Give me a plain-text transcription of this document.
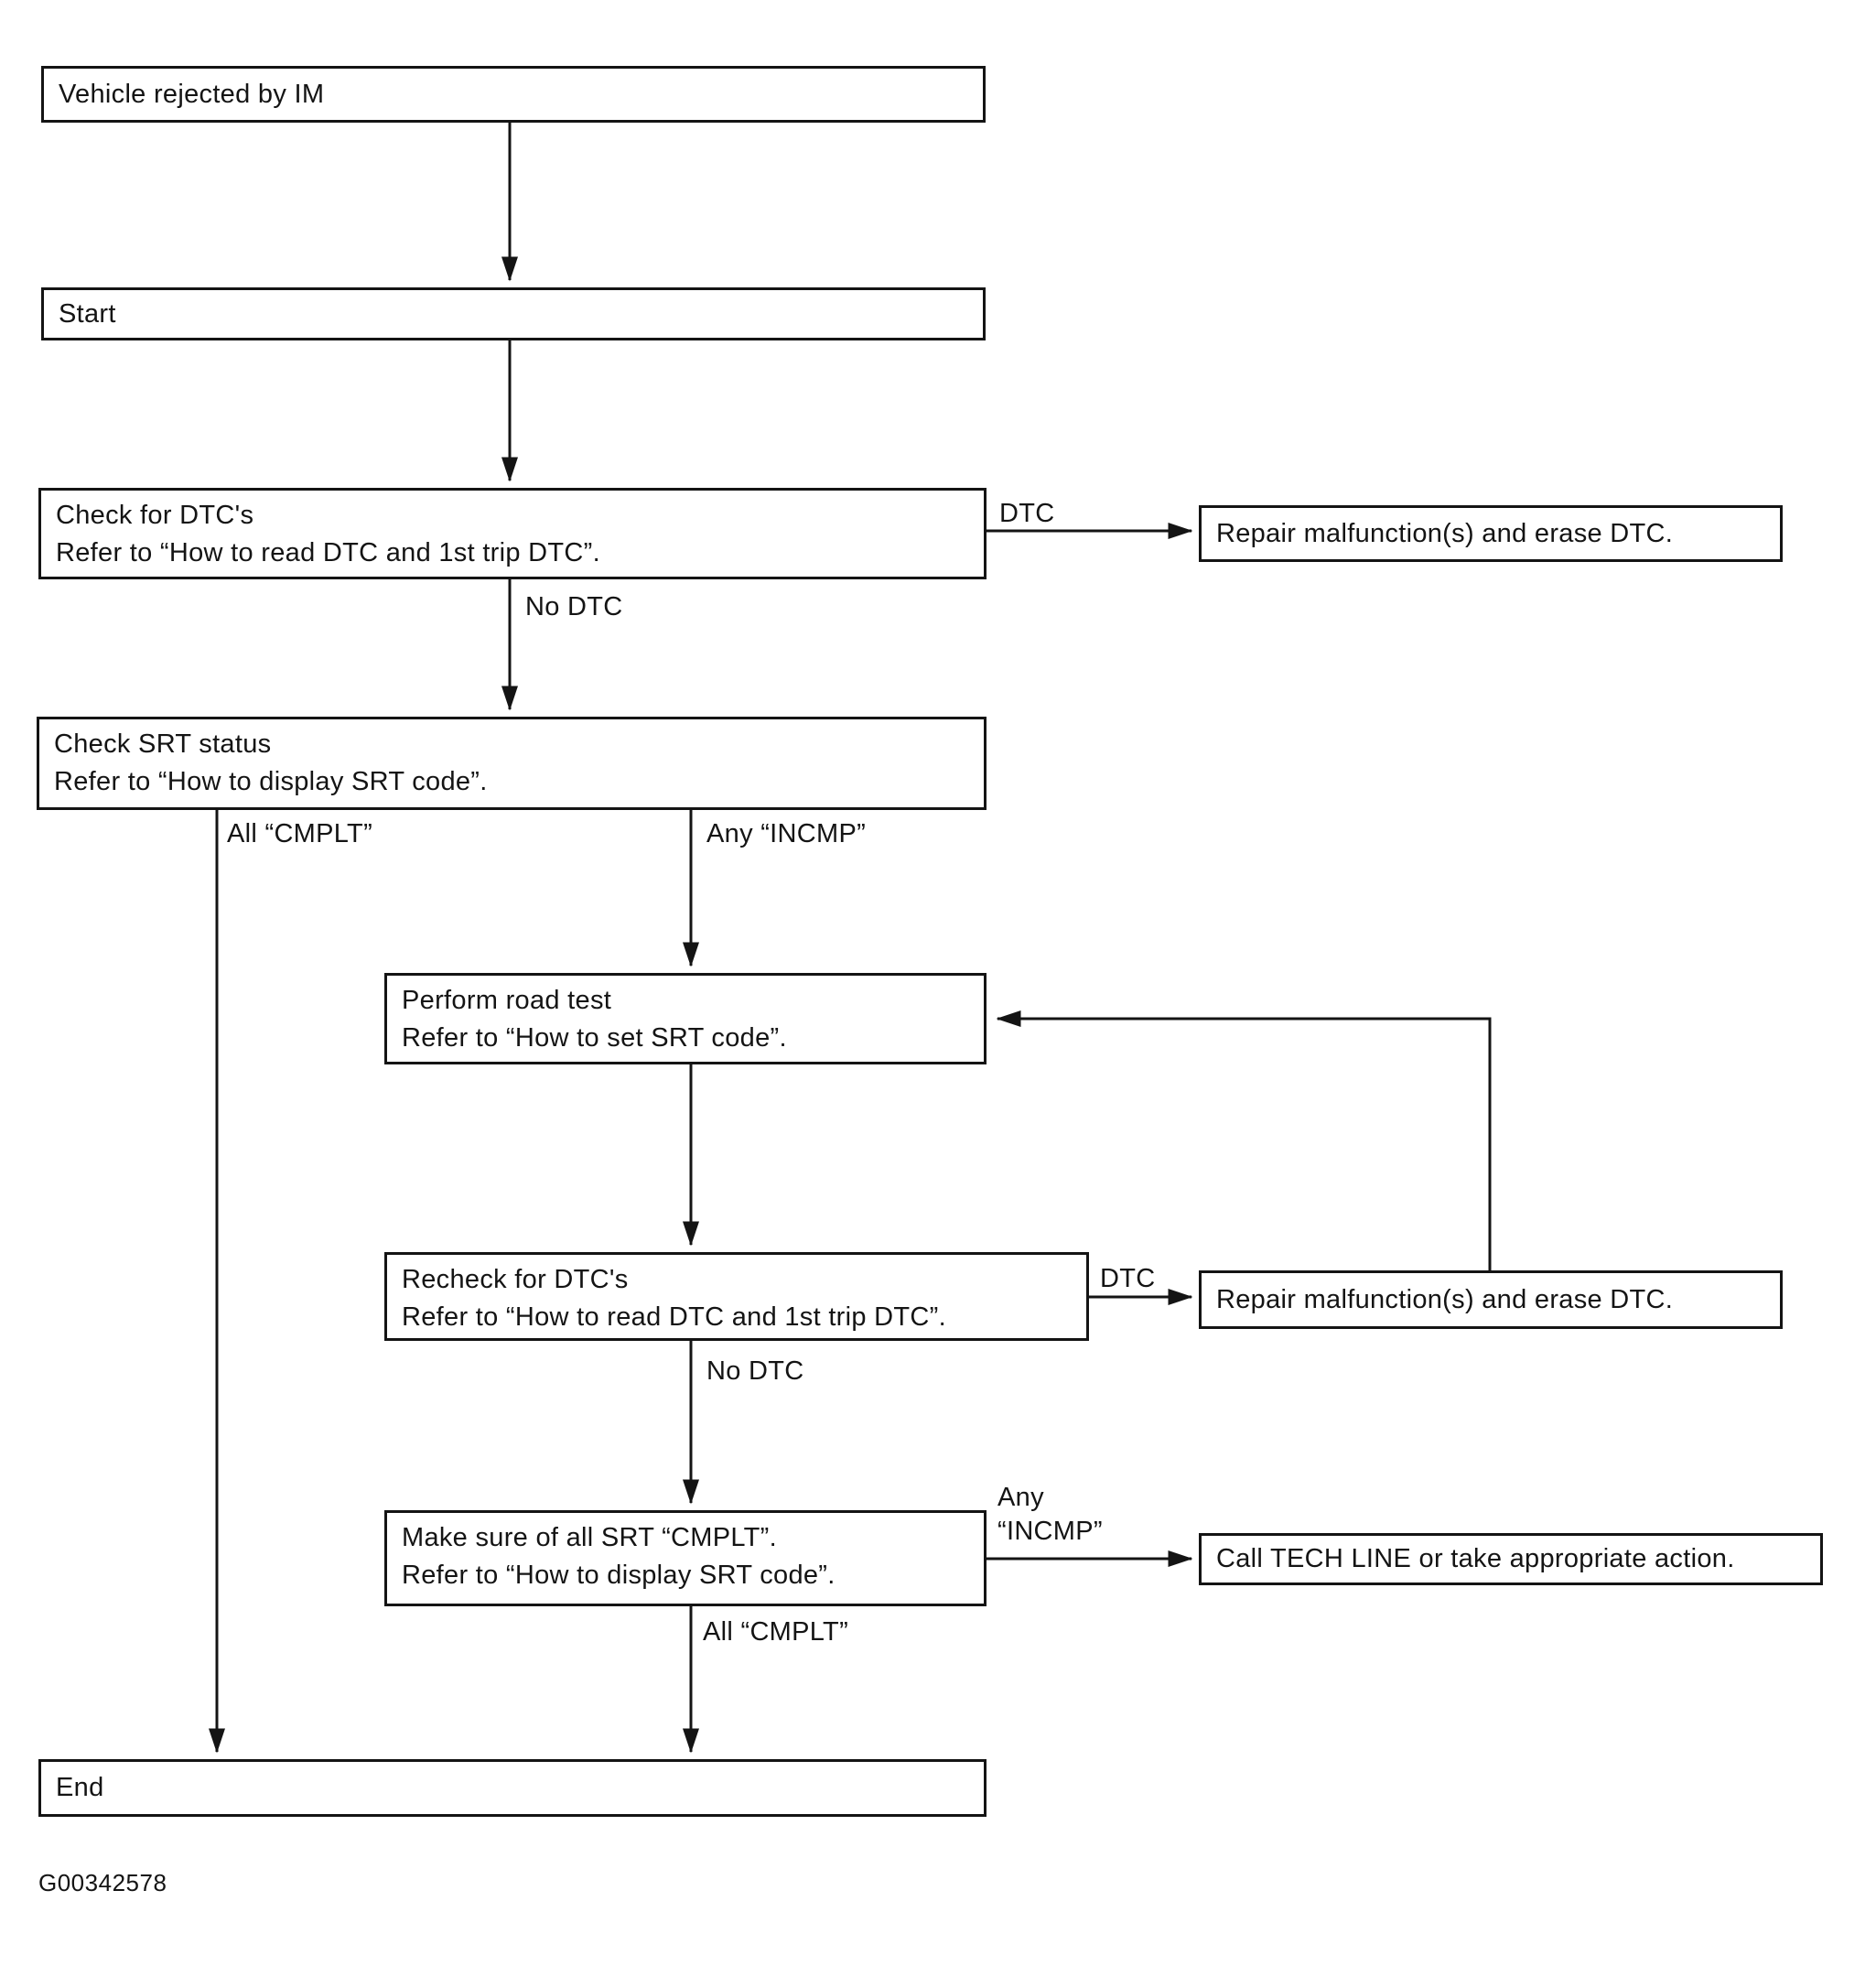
Vehicle rejected by IM
Start
Check for DTC's
Refer to “How to read DTC and 1st trip DTC”.
Repair malfunction(s) and erase DTC.
Check SRT status
Refer to “How to display SRT code”.
Perform road test
Refer to “How to set SRT code”.
Recheck for DTC's
Refer to “How to read DTC and 1st trip DTC”.
Repair malfunction(s) and erase DTC.
Make sure of all SRT “CMPLT”.
Refer to “How to display SRT code”.
Call TECH LINE or take appropriate action.
End
DTC
No DTC
All “CMPLT”	Any “INCMP”
DTC
No DTC
Any
“INCMP”
All “CMPLT”
G00342578
